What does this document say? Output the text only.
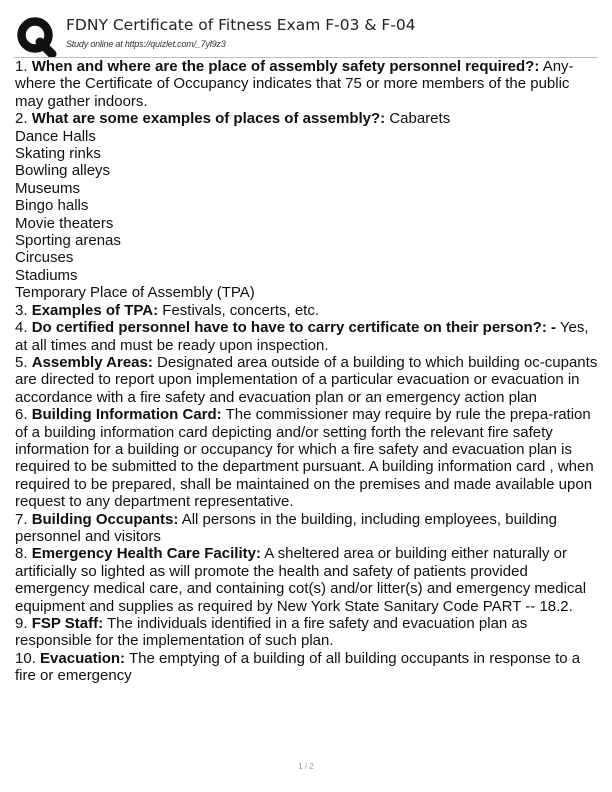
FDNY Certificate of Fitness Exam F-03 & F-04
Study online at https://quizlet.com/_7yl9z3
1. When and where are the place of assembly safety personnel required?: Any-where the Certificate of Occupancy indicates that 75 or more members of the public may gather indoors.
2. What are some examples of places of assembly?: Cabarets
Dance Halls
Skating rinks
Bowling alleys
Museums
Bingo halls
Movie theaters
Sporting arenas
Circuses
Stadiums
Temporary Place of Assembly (TPA)
3. Examples of TPA: Festivals, concerts, etc.
4. Do certified personnel have to have to carry certificate on their person?: - Yes, at all times and must be ready upon inspection.
5. Assembly Areas: Designated area outside of a building to which building oc-cupants are directed to report upon implementation of a particular evacuation or evacuation in accordance with a fire safety and evacuation plan or an emergency action plan
6. Building Information Card: The commissioner may require by rule the prepa-ration of a building information card depicting and/or setting forth the relevant fire safety information for a building or occupancy for which a fire safety and evacuation plan is required to be submitted to the department pursuant. A building information card , when required to be prepared, shall be maintained on the premises and made available upon request to any department representative.
7. Building Occupants: All persons in the building, including employees, building personnel and visitors
8. Emergency Health Care Facility: A sheltered area or building either naturally or artificially so lighted as will promote the health and safety of patients provided emergency medical care, and containing cot(s) and/or litter(s) and emergency medical equipment and supplies as required by New York State Sanitary Code PART -- 18.2.
9. FSP Staff: The individuals identified in a fire safety and evacuation plan as responsible for the implementation of such plan.
10. Evacuation: The emptying of a building of all building occupants in response to a fire or emergency
1 / 2
